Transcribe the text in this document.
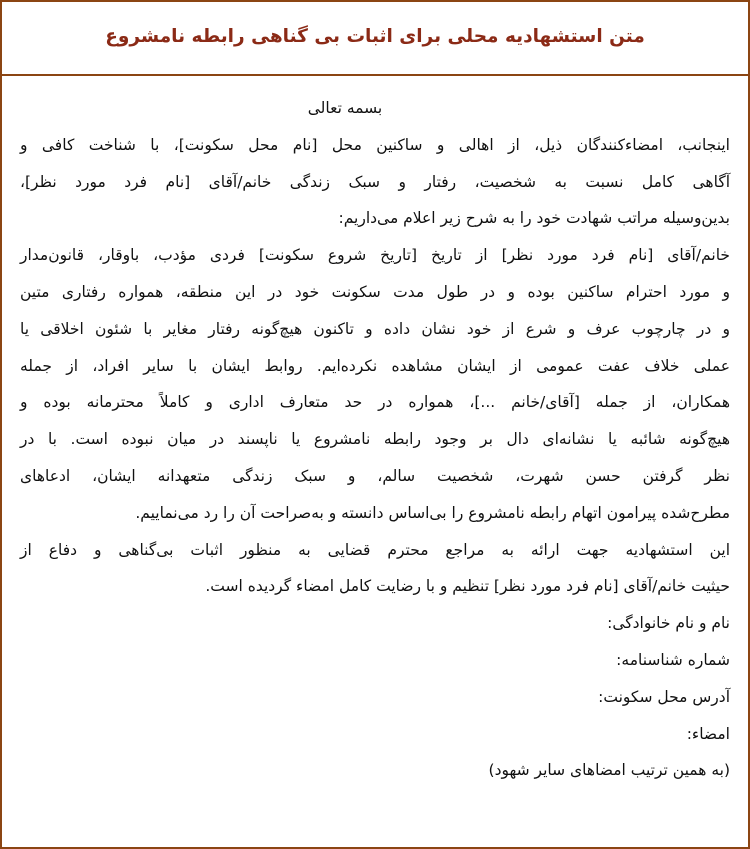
متن استشهادیه محلی برای اثبات بی گناهی رابطه نامشروع
بسمه تعالی
اینجانب، امضاءکنندگان ذیل، از اهالی و ساکنین محل [نام محل سکونت]، با شناخت کافی و
آگاهی کامل نسبت به شخصیت، رفتار و سبک زندگی خانم/آقای [نام فرد مورد نظر]،
بدین‌وسیله مراتب شهادت خود را به شرح زیر اعلام می‌داریم:
خانم/آقای [نام فرد مورد نظر] از تاریخ [تاریخ شروع سکونت] فردی مؤدب، باوقار، قانون‌مدار
و مورد احترام ساکنین بوده و در طول مدت سکونت خود در این منطقه، همواره رفتاری متین
و در چارچوب عرف و شرع از خود نشان داده و تاکنون هیچ‌گونه رفتار مغایر با شئون اخلاقی یا
عملی خلاف عفت عمومی از ایشان مشاهده نکرده‌ایم. روابط ایشان با سایر افراد، از جمله
همکاران، از جمله [آقای/خانم ...]، همواره در حد متعارف اداری و کاملاً محترمانه بوده و
هیچ‌گونه شائبه یا نشانه‌ای دال بر وجود رابطه نامشروع یا ناپسند در میان نبوده است. با در
نظر گرفتن حسن شهرت، شخصیت سالم، و سبک زندگی متعهدانه ایشان، ادعاهای
مطرح‌شده پیرامون اتهام رابطه نامشروع را بی‌اساس دانسته و به‌صراحت آن را رد می‌نماییم.
این استشهادیه جهت ارائه به مراجع محترم قضایی به منظور اثبات بی‌گناهی و دفاع از
حیثیت خانم/آقای [نام فرد مورد نظر] تنظیم و با رضایت کامل امضاء گردیده است.
نام و نام خانوادگی:
شماره شناسنامه:
آدرس محل سکونت:
امضاء:
(به همین ترتیب امضاهای سایر شهود)
